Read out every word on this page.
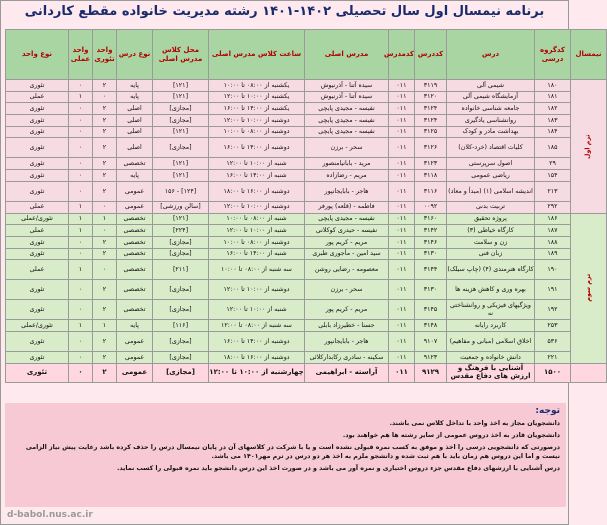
برنامه نیمسال اول سال تحصیلی ۱۴۰۲-۱۴۰۱ رشته مدیریت خانواده مقطع کاردانی
نیمسال	کدگروه درسی	درس	کددرس	کدمدرس	مدرس اصلی	ساعت کلاس مدرس اصلی	محل کلاس مدرس اصلی	نوع درس	واحد تئوری	واحد عملی	نوع واحد
ترم اول	۱۸۰	شیمی آلی	۳۱۱۹	۰۱۱	سیده آتنا - آذرنیوش	یکشنبه از ۰۸:۰۰ تا ۱۰:۰۰	[۱۲۱]	پایه	۲	۰	تئوری
	۱۸۱	آزمایشگاه شیمی آلی	۳۱۲۰	۰۱۱	سیده آتنا - آذرنیوش	یکشنبه از ۱۰:۰۰ تا ۱۲:۰۰	[۱۲۱]	پایه	۰	۱	عملی
	۱۸۲	جامعه شناسی خانواده	۳۱۲۴	۰۱۱	نفیسه - مجیدی پایچی	یکشنبه از ۱۴:۰۰ تا ۱۶:۰۰	[مجازی]	اصلی	۲	۰	تئوری
	۱۸۳	روانشناسی یادگیری	۳۱۲۴	۰۱۱	نفیسه - مجیدی پایچی	دوشنبه از ۱۰:۰۰ تا ۱۲:۰۰	[مجازی]	اصلی	۲	۰	تئوری
	۱۸۴	بهداشت مادر و کودک	۳۱۲۵	۰۱۱	نفیسه - مجیدی پایچی	دوشنبه از ۰۸:۰۰ تا ۱۰:۰۰	[۱۲۱]	اصلی	۲	۰	تئوری
	۱۸۵	کلیات اقتصاد (خرد-کلان)	۳۱۲۶	۰۱۱	سحر - برزن	دوشنبه از ۱۴:۰۰ تا ۱۶:۰۰	[مجازی]	اصلی	۲	۰	تئوری
	۲۹	اصول سرپرستی	۳۱۲۳	۰۱۱	مرید - بابانیامنصور	شنبه از ۱۰:۰۰ تا ۱۲:۰۰	[۱۲۱]	تخصصی	۲	۰	تئوری
	۱۵۴	ریاضی عمومی	۳۱۱۸	۰۱۱	مریم - رضازاده	شنبه از ۱۴:۰۰ تا ۱۶:۰۰	[۱۲۱]	پایه	۲	۰	تئوری
	۲۱۳	اندیشه اسلامی (۱) (مبدأ و معاد)	۳۱۱۶	۰۱۱	هاجر - بابایجانپور	دوشنبه از ۱۶:۰۰ تا ۱۸:۰۰	[۱۲۴] - ۱۵۶	عمومی	۲	۰	تئوری
	۲۹۲	تربیت بدنی	۰۰۹۲	۰۱۱	فاطمه - (قلعه) پورفر	دوشنبه از ۱۰:۰۰ تا ۱۲:۰۰	[سالن ورزشی]	عمومی	۰	۱	عملی
ترم سوم	۱۸۶	پروژه تحقیق	۳۱۶۰	۰۱۱	نفیسه - مجیدی پایچی	شنبه از ۰۸:۰۰ تا ۱۰:۰۰	[۱۲۱]	تخصصی	۱	۱	تئوری/عملی
	۱۸۷	کارگاه خیاطی (۳)	۳۱۴۲	۰۱۱	نفیسه - حیدری کوکلانی	شنبه از ۱۰:۰۰ تا ۱۲:۰۰	[۲۲۴]	تخصصی	۰	۱	عملی
	۱۸۸	زن و سلامت	۳۱۴۶	۰۱۱	مریم - کریم پور	دوشنبه از ۰۸:۰۰ تا ۱۰:۰۰	[مجازی]	تخصصی	۲	۰	تئوری
	۱۸۹	زبان فنی	۳۱۳۰	۰۱۱	سید امین - مأجوری طبری	شنبه از ۱۴:۰۰ تا ۱۶:۰۰	[مجازی]	تخصصی	۲	۰	تئوری
	۱۹۰	کارگاه هنرمندی (۴) (چاپ سیلک)	۳۱۴۴	۰۱۱	معصومه - رضایی روشن	سه شنبه از ۰۸:۰۰ تا ۱۰:۰۰	[۲۱۱]	تخصصی	۰	۱	عملی
	۱۹۱	بهره وری و کاهش هزینه ها	۳۱۳۰	۰۱۱	سحر - برزن	دوشنبه از ۱۰:۰۰ تا ۱۲:۰۰	[مجازی]	تخصصی	۲	۰	تئوری
	۱۹۲	ویژگیهای فیزیکی و روانشناختی نه	۳۱۴۵	۰۱۱	مریم - کریم پور	شنبه از ۱۰:۰۰ تا ۱۲:۰۰	[مجازی]	تخصصی	۲	۰	تئوری
	۲۵۳	کاربرد رایانه	۳۱۴۸	۰۱۱	حسنا - خطیرزاد بابلی	سه شنبه از ۰۸:۰۰ تا ۱۲:۰۰	[۱۱۶]	پایه	۱	۱	تئوری/عملی
	۵۳۶	اخلاق اسلامی (مبانی و مفاهیم)	۹۱۰۷	۰۱۱	هاجر - بابایجانپور	دوشنبه از ۱۴:۰۰ تا ۱۶:۰۰	[مجازی]	عمومی	۲	۰	تئوری
	۲۲۱	دانش خانواده و جمعیت	۹۱۲۳	۰۱۱	سکینه - سادری رکابدارکلائی	دوشنبه از ۱۶:۰۰ تا ۱۸:۰۰	[مجازی]	عمومی	۲	۰	تئوری
	۱۵۰۰	آشنایی با فرهنگ و ارزش های دفاع مقدس	۹۱۲۹	۰۱۱	آراسته - ابراهیمی	چهارشنبه از ۱۰:۰۰ تا ۱۲:۰۰	[مجازی]	عمومی	۲	۰	تئوری
توجه:

دانشجویان مجاز به اخذ واحد با تداخل کلاس نمی باشند.

دانشجویان قادر به اخذ دروس عمومی از سایر رشته ها هم خواهند بود.

درصورتی که دانشجویی درسی را اخذ و موفق به کسب نمره قبولی نشده است و یا با شرکت در کلاسهای آن در پایان نیمسال درس را حذف کرده باشد رعایت پیش نیاز الزامی نیست و اما این دروس هم زمان باید با هم ثبت شده و دانشجو ملزم به اخذ هر دو درس در ترم مهر۱۴۰۱ می باشد.

درس آشنایی با ارزشهای دفاع مقدس جزء دروس اختیاری و نمره آور می باشد و در صورت اخذ این درس دانشجو باید نمره قبولی را کسب نماید.

d-babol.nus.ac.ir
